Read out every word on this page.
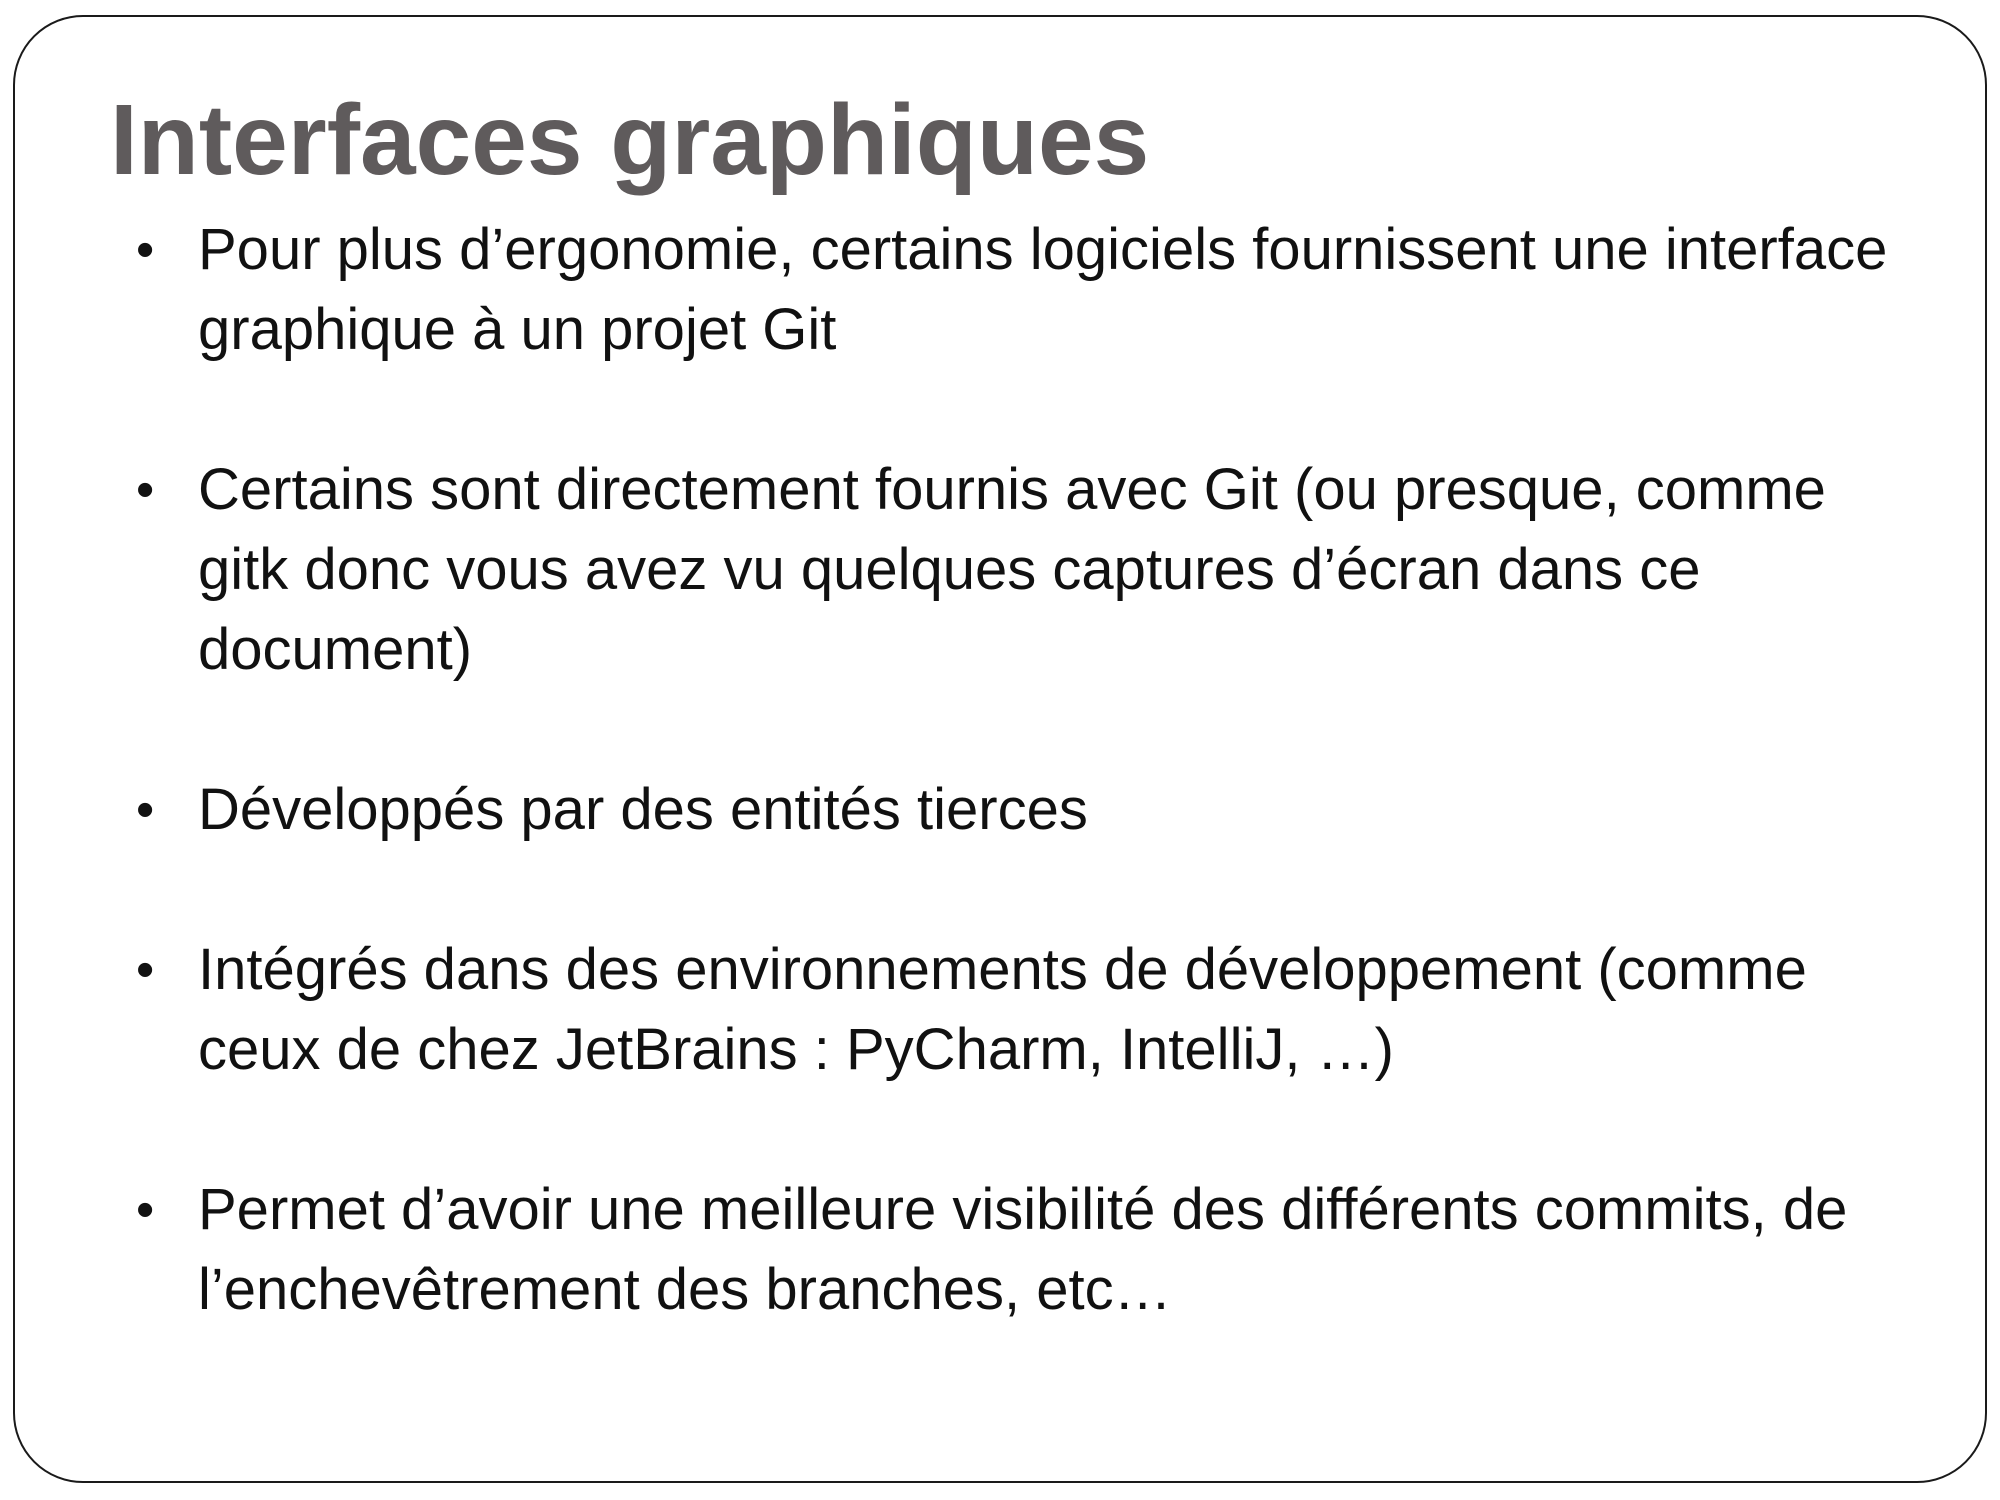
Interfaces graphiques
• Pour plus d’ergonomie, certains logiciels fournissent une interface graphique à un projet Git
• Certains sont directement fournis avec Git (ou presque, comme gitk donc vous avez vu quelques captures d’écran dans ce document)
• Développés par des entités tierces
• Intégrés dans des environnements de développement (comme ceux de chez JetBrains : PyCharm, IntelliJ, …)
• Permet d’avoir une meilleure visibilité des différents commits, de l’enchevêtrement des branches, etc…
